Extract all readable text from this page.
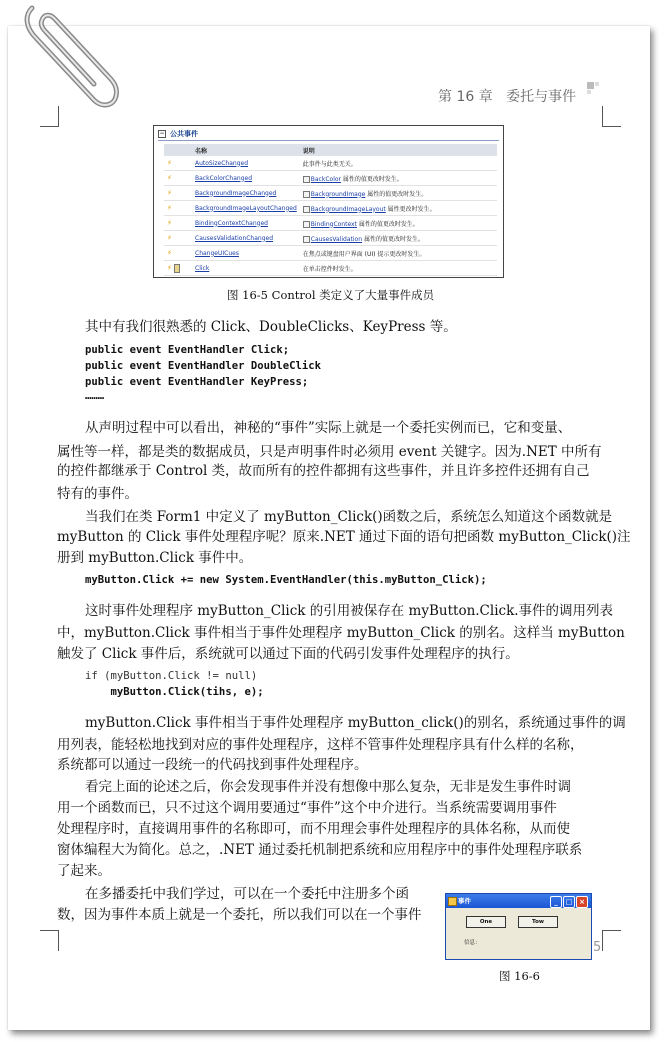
第 16 章 委托与事件
− 公共事件
	名称	说明
⚡	AutoSizeChanged	此事件与此类无关。
⚡	BackColorChanged	BackColor 属性的值更改时发生。
⚡	BackgroundImageChanged	BackgroundImage 属性的值更改时发生。
⚡	BackgroundImageLayoutChanged	BackgroundImageLayout 属性更改时发生。
⚡	BindingContextChanged	BindingContext 属性的值更改时发生。
⚡	CausesValidationChanged	CausesValidation 属性的值更改时发生。
⚡	ChangeUICues	在焦点或键盘用户界面 (UI) 提示更改时发生。
⚡	Click	在单击控件时发生。
图 16-5 Control 类定义了大量事件成员
其中有我们很熟悉的 Click、DoubleClicks、KeyPress 等。
public event EventHandler Click;
public event EventHandler DoubleClick
public event EventHandler KeyPress;
………
从声明过程中可以看出，神秘的“事件”实际上就是一个委托实例而已，它和变量、
属性等一样，都是类的数据成员，只是声明事件时必须用 event 关键字。因为.NET 中所有
的控件都继承于 Control 类，故而所有的控件都拥有这些事件，并且许多控件还拥有自己
特有的事件。
当我们在类 Form1 中定义了 myButton_Click()函数之后，系统怎么知道这个函数就是
myButton 的 Click 事件处理程序呢？原来.NET 通过下面的语句把函数 myButton_Click()注
册到 myButton.Click 事件中。
myButton.Click += new System.EventHandler(this.myButton_Click);
这时事件处理程序 myButton_Click 的引用被保存在 myButton.Click.事件的调用列表
中，myButton.Click 事件相当于事件处理程序 myButton_Click 的别名。这样当 myButton
触发了 Click 事件后，系统就可以通过下面的代码引发事件处理程序的执行。
if (myButton.Click != null)
myButton.Click(tihs, e);
myButton.Click 事件相当于事件处理程序 myButton_click()的别名，系统通过事件的调
用列表，能轻松地找到对应的事件处理程序，这样不管事件处理程序具有什么样的名称，
系统都可以通过一段统一的代码找到事件处理程序。
看完上面的论述之后，你会发现事件并没有想像中那么复杂，无非是发生事件时调
用一个函数而已，只不过这个调用要通过“事件”这个中介进行。当系统需要调用事件
处理程序时，直接调用事件的名称即可，而不用理会事件处理程序的具体名称，从而使
窗体编程大为简化。总之，.NET 通过委托机制把系统和应用程序中的事件处理程序联系
了起来。
在多播委托中我们学过，可以在一个委托中注册多个函
数，因为事件本质上就是一个委托，所以我们可以在一个事件
事件	_	□ ×
One	Tow
信息：
图 16-6
5
